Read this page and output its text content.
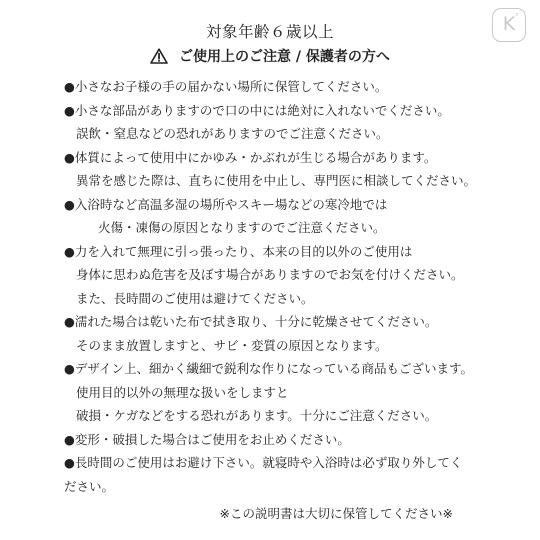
K °
対象年齢６歳以上
ご使用上のご注意 / 保護者の方へ
●小さなお子様の手の届かない場所に保管してください。
●小さな部品がありますので口の中には絶対に入れないでください。
誤飲・窒息などの恐れがありますのでご注意ください。
●体質によって使用中にかゆみ・かぶれが生じる場合があります。
異常を感じた際は、直ちに使用を中止し、専門医に相談してください。
●入浴時など高温多湿の場所やスキー場などの寒冷地では
火傷・凍傷の原因となりますのでご注意ください。
●力を入れて無理に引っ張ったり、本来の目的以外のご使用は
身体に思わぬ危害を及ぼす場合がありますのでお気を付けください。
また、長時間のご使用は避けてください。
●濡れた場合は乾いた布で拭き取り、十分に乾燥させてください。
そのまま放置しますと、サビ・変質の原因となります。
●デザイン上、細かく繊細で鋭利な作りになっている商品もございます。
使用目的以外の無理な扱いをしますと
破損・ケガなどをする恐れがあります。十分にご注意ください。
●変形・破損した場合はご使用をお止めください。
●長時間のご使用はお避け下さい。就寝時や入浴時は必ず取り外してく
ださい。
※この説明書は大切に保管してください※
